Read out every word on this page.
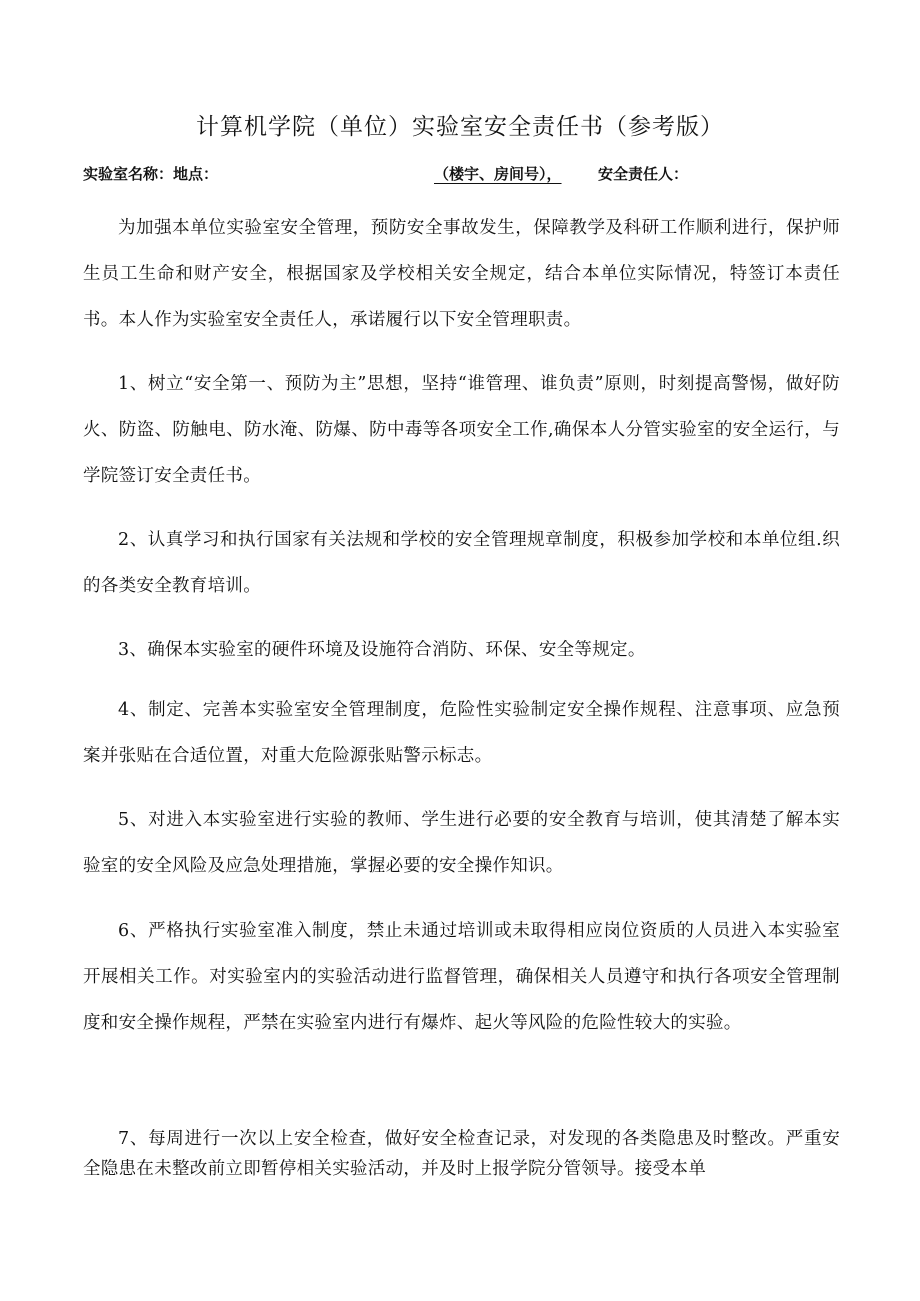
计算机学院（单位）实验室安全责任书（参考版）
实验室名称：地点：	（楼宇、房间号）， 安全责任人：

为加强本单位实验室安全管理，预防安全事故发生，保障教学及科研工作顺利进行，保护师生员工生命和财产安全，根据国家及学校相关安全规定，结合本单位实际情况，特签订本责任书。本人作为实验室安全责任人，承诺履行以下安全管理职责。

1、树立“安全第一、预防为主”思想，坚持“谁管理、谁负责”原则，时刻提高警惕，做好防火、防盗、防触电、防水淹、防爆、防中毒等各项安全工作,确保本人分管实验室的安全运行，与学院签订安全责任书。

2、认真学习和执行国家有关法规和学校的安全管理规章制度，积极参加学校和本单位组.织的各类安全教育培训。

3、确保本实验室的硬件环境及设施符合消防、环保、安全等规定。

4、制定、完善本实验室安全管理制度，危险性实验制定安全操作规程、注意事项、应急预案并张贴在合适位置，对重大危险源张贴警示标志。

5、对进入本实验室进行实验的教师、学生进行必要的安全教育与培训，使其清楚了解本实验室的安全风险及应急处理措施，掌握必要的安全操作知识。

6、严格执行实验室准入制度，禁止未通过培训或未取得相应岗位资质的人员进入本实验室开展相关工作。对实验室内的实验活动进行监督管理，确保相关人员遵守和执行各项安全管理制度和安全操作规程，严禁在实验室内进行有爆炸、起火等风险的危险性较大的实验。

7、每周进行一次以上安全检查，做好安全检查记录，对发现的各类隐患及时整改。严重安全隐患在未整改前立即暂停相关实验活动，并及时上报学院分管领导。接受本单
